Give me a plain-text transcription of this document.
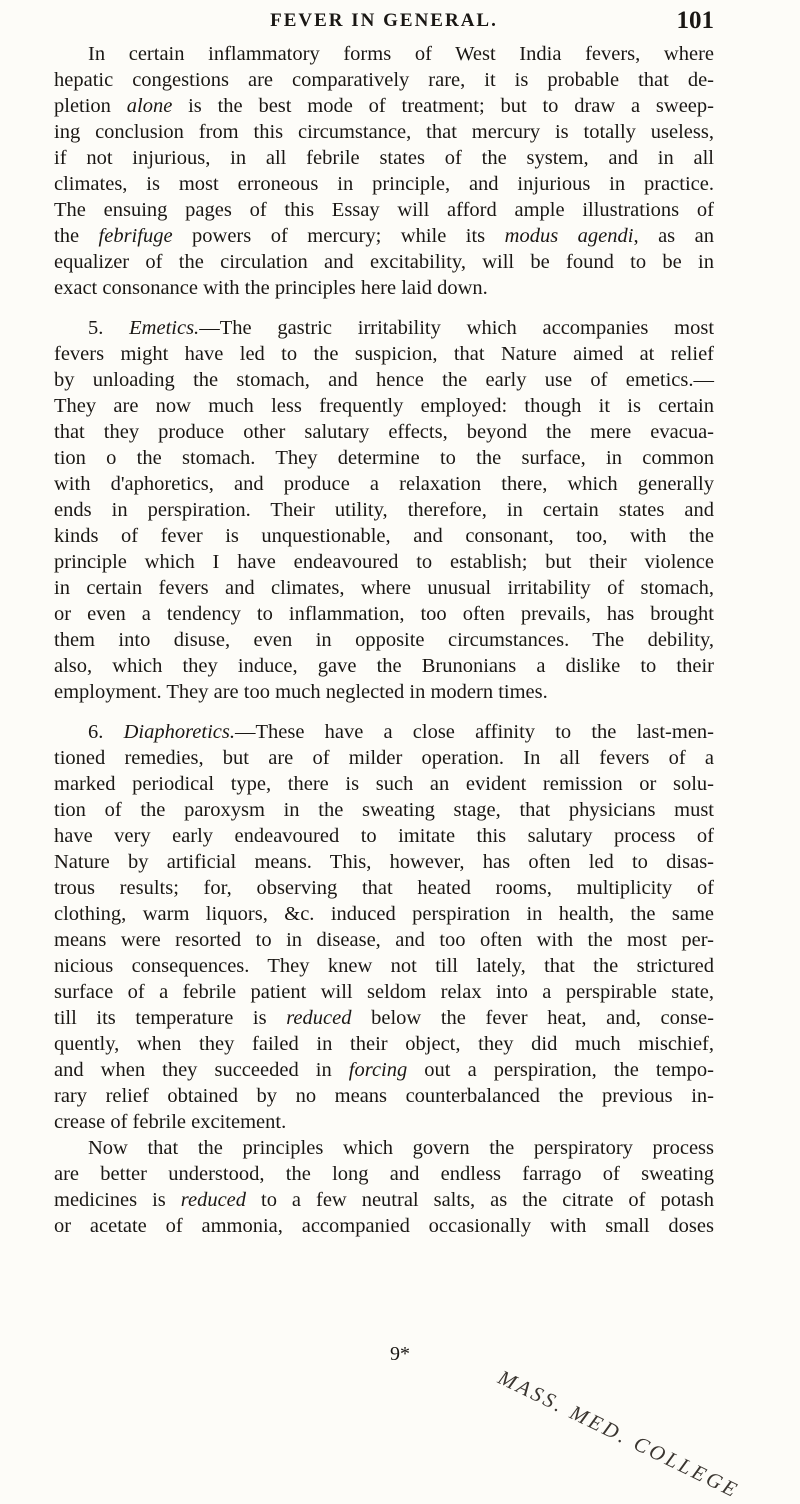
FEVER IN GENERAL.	101
In certain inflammatory forms of West India fevers, where
hepatic congestions are comparatively rare, it is probable that de-
pletion alone is the best mode of treatment; but to draw a sweep-
ing conclusion from this circumstance, that mercury is totally useless,
if not injurious, in all febrile states of the system, and in all
climates, is most erroneous in principle, and injurious in practice.
The ensuing pages of this Essay will afford ample illustrations of
the febrifuge powers of mercury; while its modus agendi, as an
equalizer of the circulation and excitability, will be found to be in
exact consonance with the principles here laid down.
5. Emetics.—The gastric irritability which accompanies most
fevers might have led to the suspicion, that Nature aimed at relief
by unloading the stomach, and hence the early use of emetics.—
They are now much less frequently employed: though it is certain
that they produce other salutary effects, beyond the mere evacua-
tion o the stomach. They determine to the surface, in common
with d'aphoretics, and produce a relaxation there, which generally
ends in perspiration. Their utility, therefore, in certain states and
kinds of fever is unquestionable, and consonant, too, with the
principle which I have endeavoured to establish; but their violence
in certain fevers and climates, where unusual irritability of stomach,
or even a tendency to inflammation, too often prevails, has brought
them into disuse, even in opposite circumstances. The debility,
also, which they induce, gave the Brunonians a dislike to their
employment. They are too much neglected in modern times.
6. Diaphoretics.—These have a close affinity to the last-men-
tioned remedies, but are of milder operation. In all fevers of a
marked periodical type, there is such an evident remission or solu-
tion of the paroxysm in the sweating stage, that physicians must
have very early endeavoured to imitate this salutary process of
Nature by artificial means. This, however, has often led to disas-
trous results; for, observing that heated rooms, multiplicity of
clothing, warm liquors, &c. induced perspiration in health, the same
means were resorted to in disease, and too often with the most per-
nicious consequences. They knew not till lately, that the strictured
surface of a febrile patient will seldom relax into a perspirable state,
till its temperature is reduced below the fever heat, and, conse-
quently, when they failed in their object, they did much mischief,
and when they succeeded in forcing out a perspiration, the tempo-
rary relief obtained by no means counterbalanced the previous in-
crease of febrile excitement.
Now that the principles which govern the perspiratory process
are better understood, the long and endless farrago of sweating
medicines is reduced to a few neutral salts, as the citrate of potash
or acetate of ammonia, accompanied occasionally with small doses
9*
MASS. MED. COLLEGE
